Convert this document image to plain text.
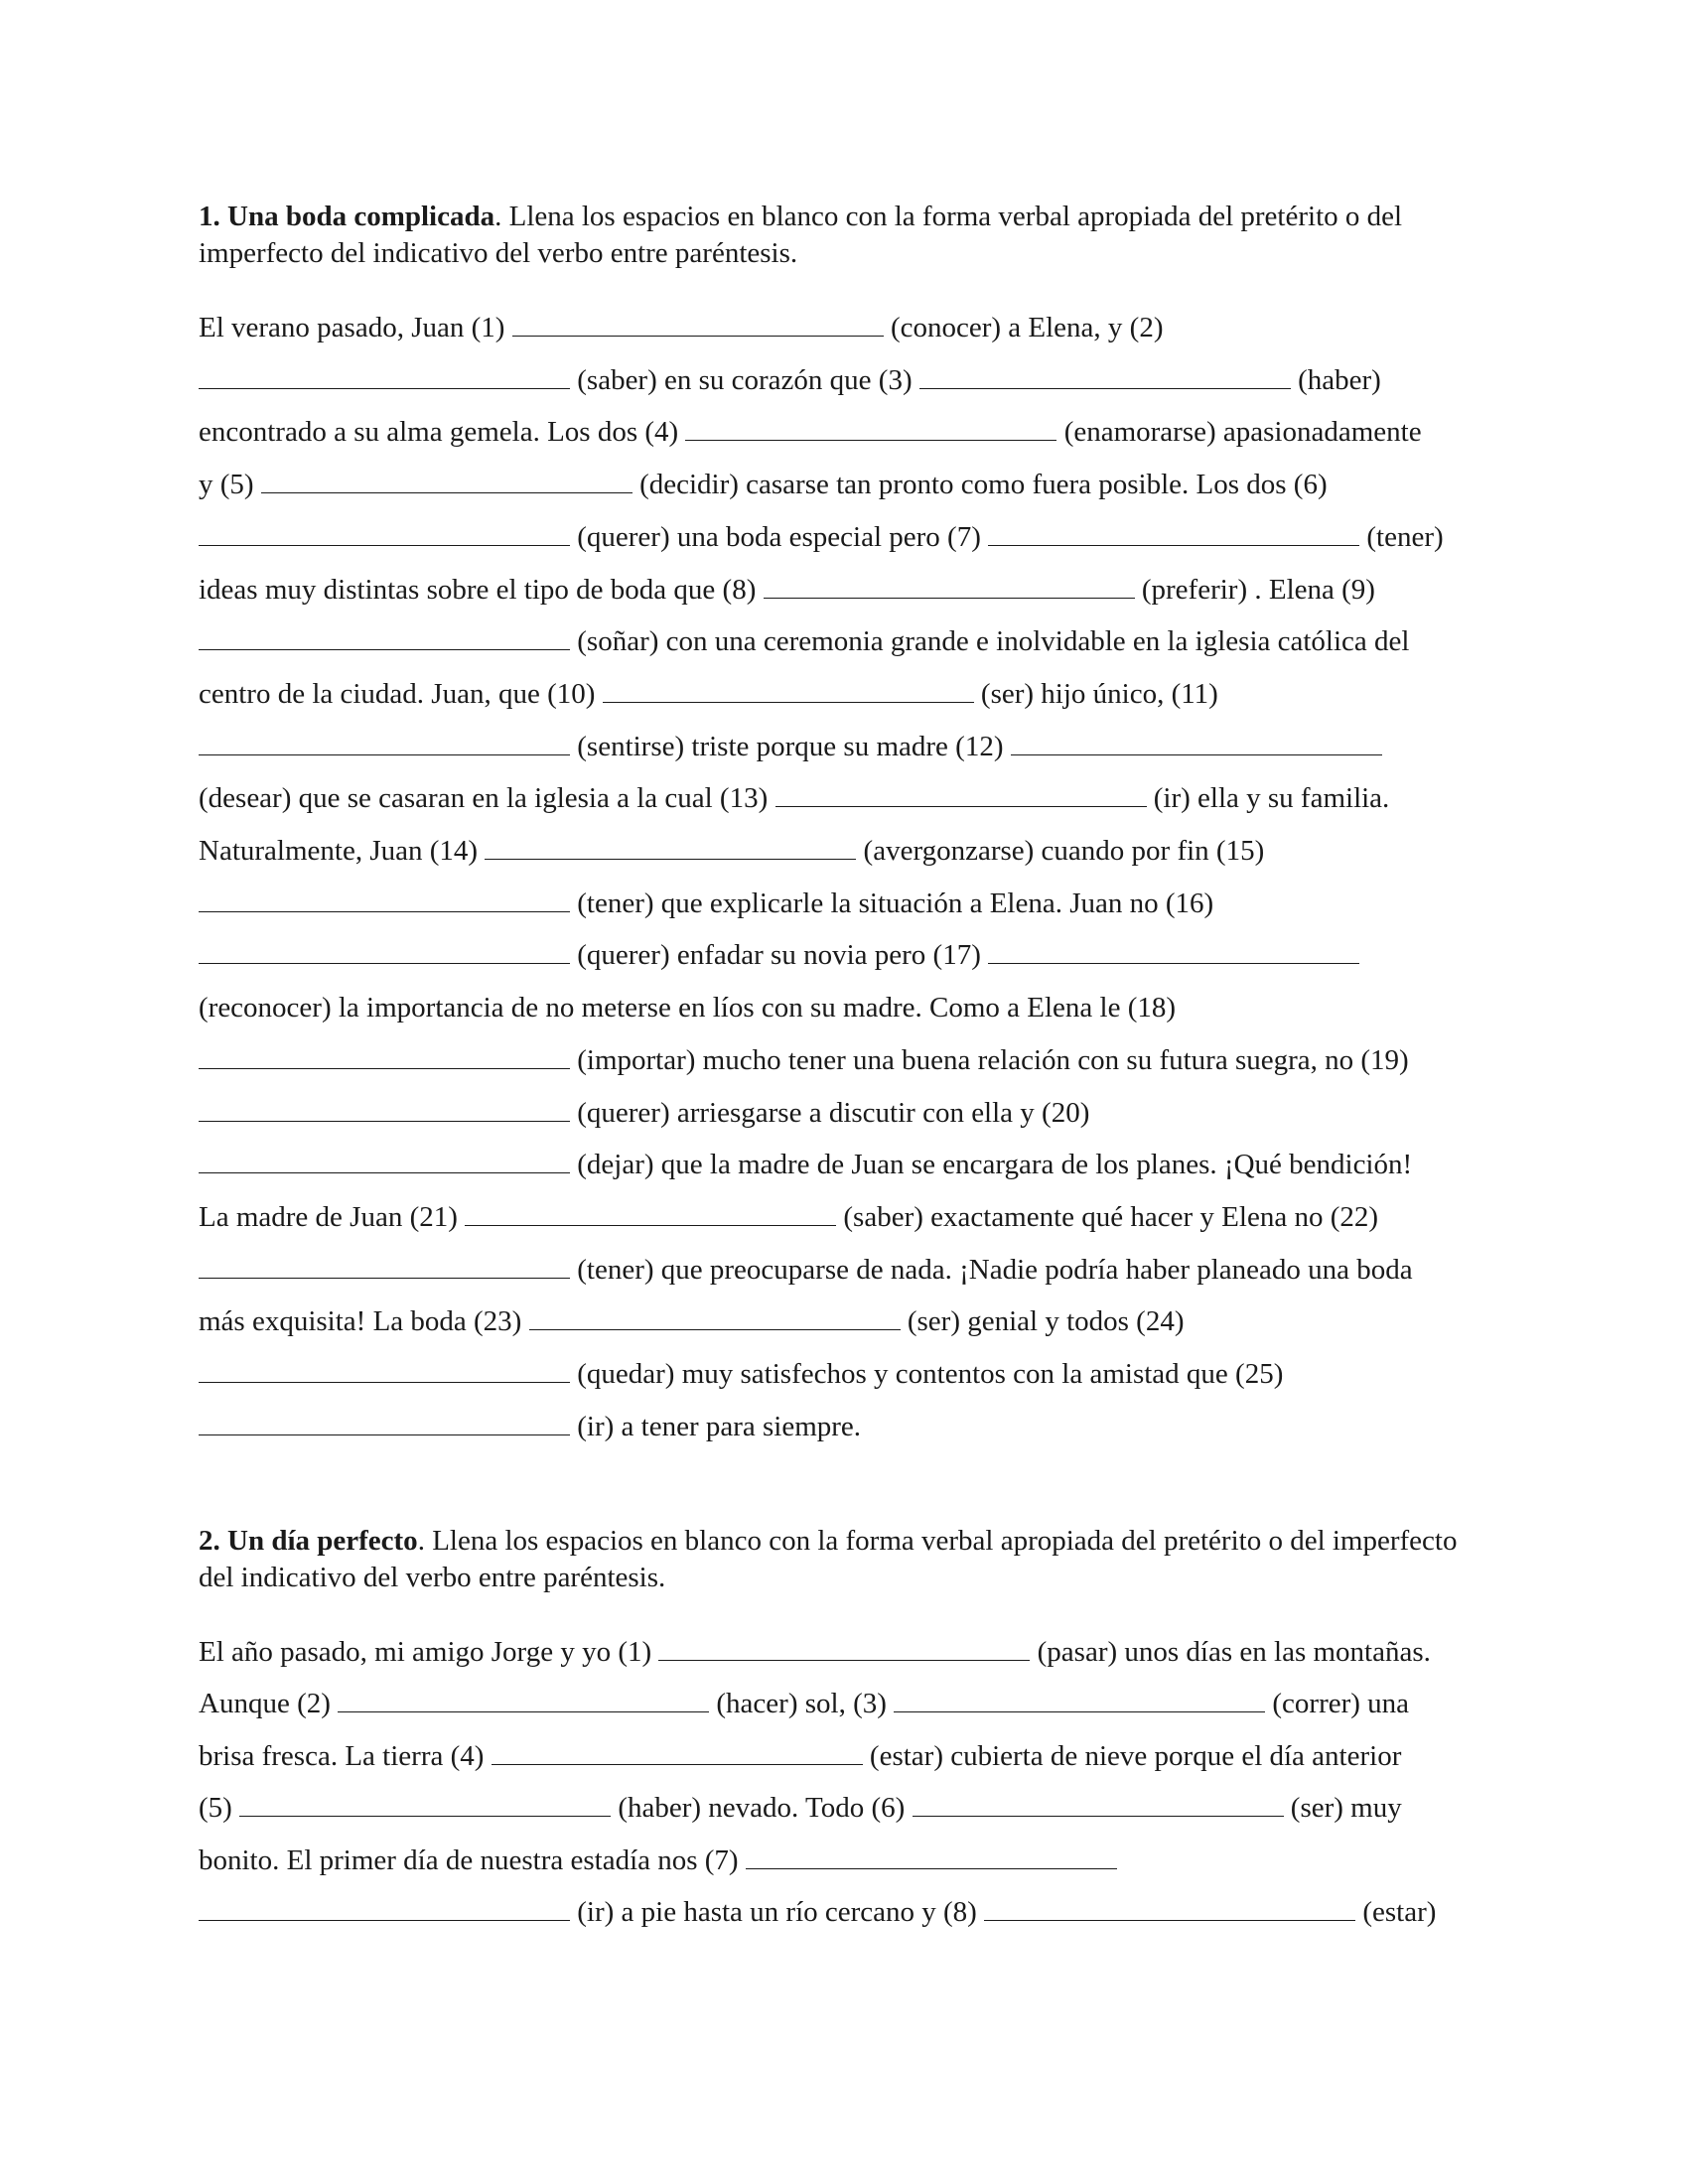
1. Una boda complicada. Llena los espacios en blanco con la forma verbal apropiada del pretérito o del imperfecto del indicativo del verbo entre paréntesis.

El verano pasado, Juan (1)	(conocer) a Elena, y (2)
(saber) en su corazón que (3)	(haber)
encontrado a su alma gemela. Los dos (4)	(enamorarse) apasionadamente
y (5)	(decidir) casarse tan pronto como fuera posible. Los dos (6)
(querer) una boda especial pero (7)	(tener)
ideas muy distintas sobre el tipo de boda que (8)	(preferir) . Elena (9)
(soñar) con una ceremonia grande e inolvidable en la iglesia católica del
centro de la ciudad. Juan, que (10)	(ser) hijo único, (11)
(sentirse) triste porque su madre (12)
(desear) que se casaran en la iglesia a la cual (13)	(ir) ella y su familia.
Naturalmente, Juan (14)	(avergonzarse) cuando por fin (15)
(tener) que explicarle la situación a Elena. Juan no (16)
(querer) enfadar su novia pero (17)
(reconocer) la importancia de no meterse en líos con su madre. Como a Elena le (18)
(importar) mucho tener una buena relación con su futura suegra, no (19)
(querer) arriesgarse a discutir con ella y (20)
(dejar) que la madre de Juan se encargara de los planes. ¡Qué bendición!
La madre de Juan (21)	(saber) exactamente qué hacer y Elena no (22)
(tener) que preocuparse de nada. ¡Nadie podría haber planeado una boda
más exquisita! La boda (23)	(ser) genial y todos (24)
(quedar) muy satisfechos y contentos con la amistad que (25)
(ir) a tener para siempre.

2. Un día perfecto. Llena los espacios en blanco con la forma verbal apropiada del pretérito o del imperfecto del indicativo del verbo entre paréntesis.

El año pasado, mi amigo Jorge y yo (1)	(pasar) unos días en las montañas.
Aunque (2)	(hacer) sol, (3)	(correr) una
brisa fresca. La tierra (4)	(estar) cubierta de nieve porque el día anterior
(5)	(haber) nevado. Todo (6)	(ser) muy
bonito. El primer día de nuestra estadía nos (7)
(ir) a pie hasta un río cercano y (8)	(estar)
